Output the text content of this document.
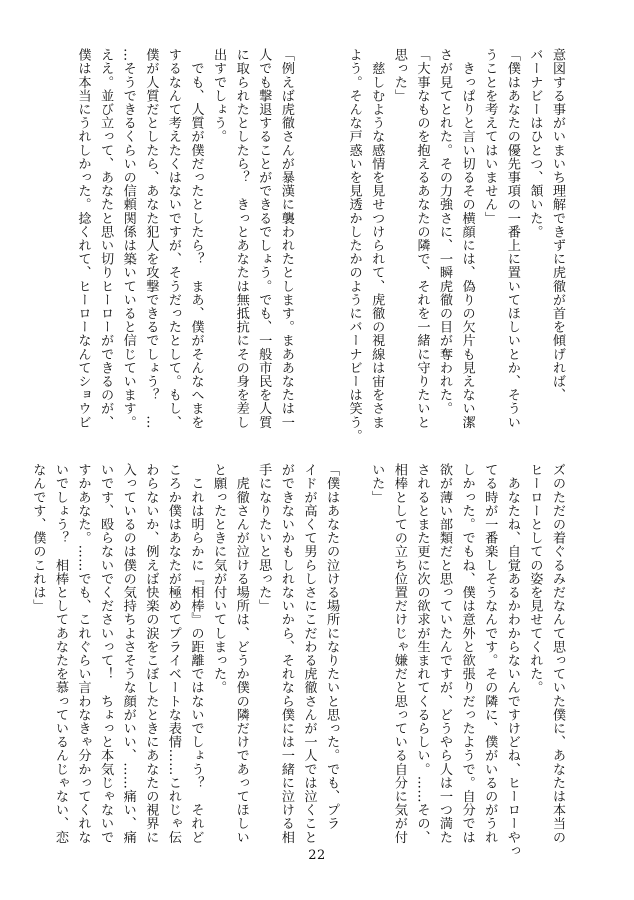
意図する事がいまいち理解できずに虎徹が首を傾げれば、

バーナビーはひとつ、頷いた。

「僕はあなたの優先事項の一番上に置いてほしいとか、そうい

うことを考えてはいません」

　きっぱりと言い切るその横顔には、偽りの欠片も見えない潔

さが見てとれた。その力強さに、一瞬虎徹の目が奪われた。

「大事なものを抱えるあなたの隣で、それを一緒に守りたいと

思った」

　慈しむような感情を見せつけられて、虎徹の視線は宙をさま

よう。そんな戸惑いを見透かしたかのようにバーナビーは笑う。

「例えば虎徹さんが暴漢に襲われたとします。まああなたは一

人でも撃退することができるでしょう。でも、一般市民を人質

に取られたとしたら？　きっとあなたは無抵抗にその身を差し

出すでしょう。

　でも、人質が僕だったとしたら？　まあ、僕がそんなへまを

するなんて考えたくはないですが、そうだったとして。もし、

僕が人質だとしたら、あなた犯人を攻撃できるでしょう？　…

…そうできるくらいの信頼関係は築いていると信じています。

ええ。並び立って、あなたと思い切りヒーローができるのが、

僕は本当にうれしかった。捻くれて、ヒーローなんてショウビ

ズのただの着ぐるみだなんて思っていた僕に、あなたは本当の

ヒーローとしての姿を見せてくれた。

　あなたね、自覚あるかわからないんですけどね、ヒーローやっ

てる時が一番楽しそうなんです。その隣に、僕がいるのがうれ

しかった。でもね、僕は意外と欲張りだったようで。自分では

欲が薄い部類だと思っていたんですが、どうやら人は一つ満た

されるとまた更に次の欲求が生まれてくるらしい。……その、

相棒としての立ち位置だけじゃ嫌だと思っている自分に気が付

いた」

「僕はあなたの泣ける場所になりたいと思った。でも、プラ

イドが高くて男らしさにこだわる虎徹さんが一人では泣くこと

ができないかもしれないから、それなら僕には一緒に泣ける相

手になりたいと思った」

　虎徹さんが泣ける場所は、どうか僕の隣だけであってほしい

と願ったときに気が付いてしまった。

　これは明らかに『相棒』の距離ではないでしょう？　それど

ころか僕はあなたが極めてプライベートな表情……これじゃ伝

わらないか、例えば快楽の涙をこぼしたときにあなたの視界に

入っているのは僕の気持ちよさそうな顔がいい、……痛い、痛

いです、殴らないでくださいって！　ちょっと本気じゃないで

すかあなた。……でも、これぐらい言わなきゃ分かってくれな

いでしょう？　相棒としてあなたを慕っているんじゃない、恋

なんです、僕のこれは」

22
